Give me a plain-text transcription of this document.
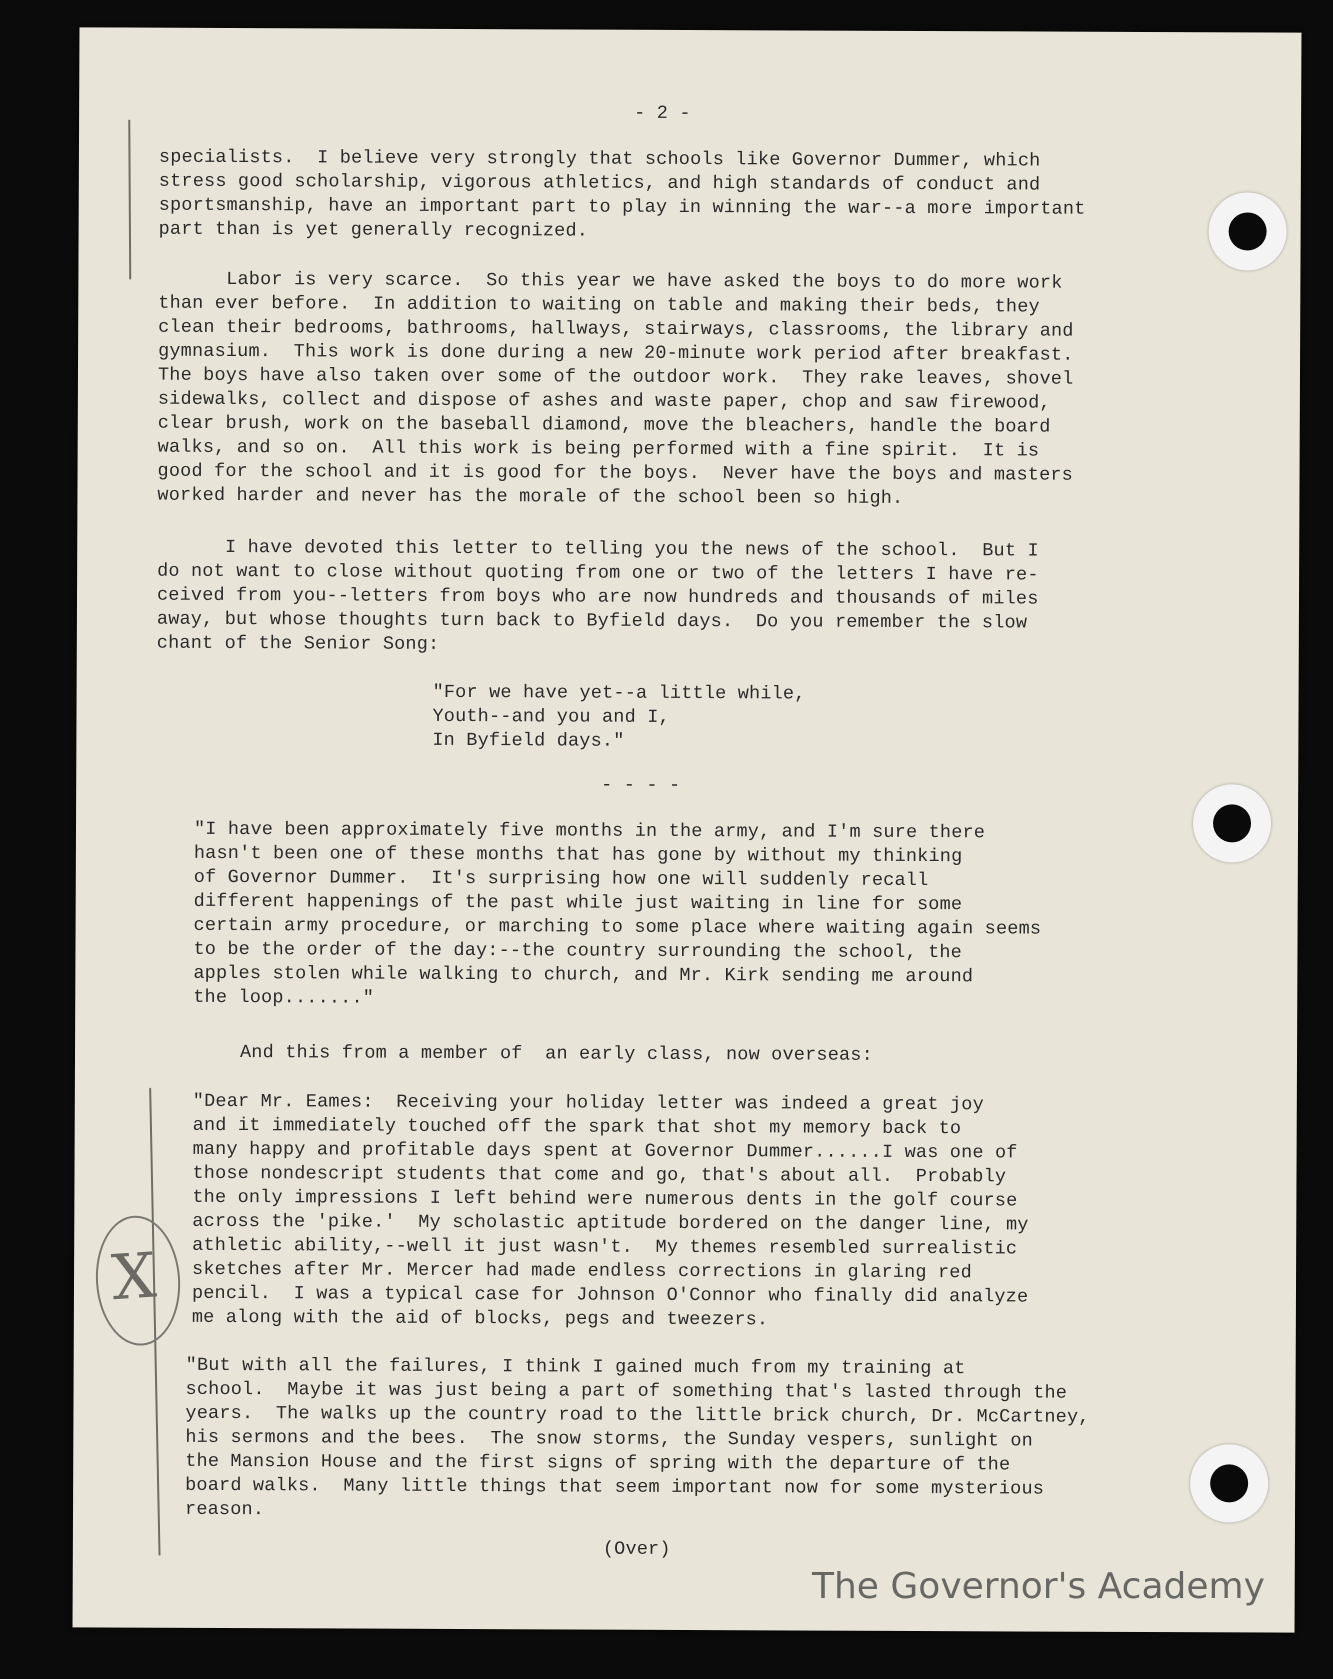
X

- 2 -

specialists.  I believe very strongly that schools like Governor Dummer, which
stress good scholarship, vigorous athletics, and high standards of conduct and
sportsmanship, have an important part to play in winning the war--a more important
part than is yet generally recognized.

Labor is very scarce.  So this year we have asked the boys to do more work
than ever before.  In addition to waiting on table and making their beds, they
clean their bedrooms, bathrooms, hallways, stairways, classrooms, the library and
gymnasium.  This work is done during a new 20-minute work period after breakfast.
The boys have also taken over some of the outdoor work.  They rake leaves, shovel
sidewalks, collect and dispose of ashes and waste paper, chop and saw firewood,
clear brush, work on the baseball diamond, move the bleachers, handle the board
walks, and so on.  All this work is being performed with a fine spirit.  It is
good for the school and it is good for the boys.  Never have the boys and masters
worked harder and never has the morale of the school been so high.

I have devoted this letter to telling you the news of the school.  But I
do not want to close without quoting from one or two of the letters I have re-
ceived from you--letters from boys who are now hundreds and thousands of miles
away, but whose thoughts turn back to Byfield days.  Do you remember the slow
chant of the Senior Song:

"For we have yet--a little while,
Youth--and you and I,
In Byfield days."

- - - -

"I have been approximately five months in the army, and I'm sure there
hasn't been one of these months that has gone by without my thinking
of Governor Dummer.  It's surprising how one will suddenly recall
different happenings of the past while just waiting in line for some
certain army procedure, or marching to some place where waiting again seems
to be the order of the day:--the country surrounding the school, the
apples stolen while walking to church, and Mr. Kirk sending me around
the loop......."

And this from a member of  an early class, now overseas:

"Dear Mr. Eames:  Receiving your holiday letter was indeed a great joy
and it immediately touched off the spark that shot my memory back to
many happy and profitable days spent at Governor Dummer......I was one of
those nondescript students that come and go, that's about all.  Probably
the only impressions I left behind were numerous dents in the golf course
across the 'pike.'  My scholastic aptitude bordered on the danger line, my
athletic ability,--well it just wasn't.  My themes resembled surrealistic
sketches after Mr. Mercer had made endless corrections in glaring red
pencil.  I was a typical case for Johnson O'Connor who finally did analyze
me along with the aid of blocks, pegs and tweezers.

"But with all the failures, I think I gained much from my training at
school.  Maybe it was just being a part of something that's lasted through the
years.  The walks up the country road to the little brick church, Dr. McCartney,
his sermons and the bees.  The snow storms, the Sunday vespers, sunlight on
the Mansion House and the first signs of spring with the departure of the
board walks.  Many little things that seem important now for some mysterious
reason.

(Over)

The Governor's Academy
